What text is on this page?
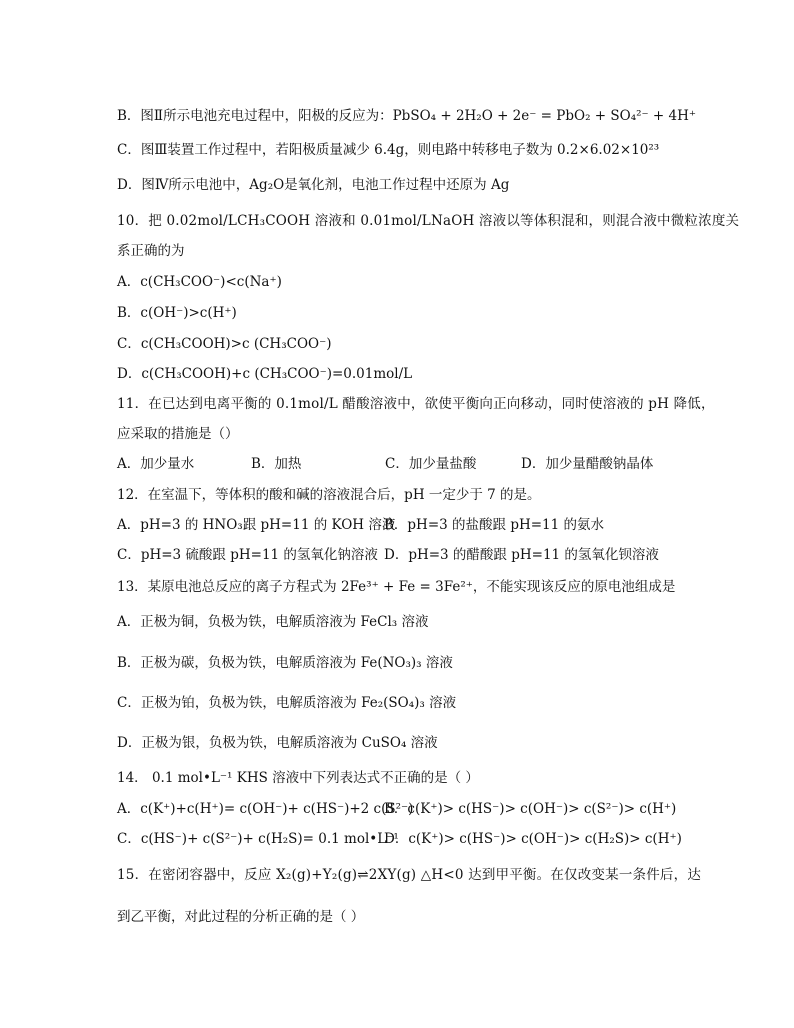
B．图Ⅱ所示电池充电过程中，阳极的反应为：PbSO₄ + 2H₂O + 2e⁻ = PbO₂ + SO₄²⁻ + 4H⁺
C．图Ⅲ装置工作过程中，若阳极质量减少 6.4g，则电路中转移电子数为 0.2×6.02×10²³
D．图Ⅳ所示电池中，Ag₂O是氧化剂，电池工作过程中还原为 Ag
10．把 0.02mol/LCH₃COOH 溶液和 0.01mol/LNaOH 溶液以等体积混和，则混合液中微粒浓度关
系正确的为
A．c(CH₃COO⁻)<c(Na⁺)
B．c(OH⁻)>c(H⁺)
C．c(CH₃COOH)>c (CH₃COO⁻)
D．c(CH₃COOH)+c (CH₃COO⁻)=0.01mol/L
11．在已达到电离平衡的 0.1mol/L 醋酸溶液中，欲使平衡向正向移动，同时使溶液的 pH 降低，
应采取的措施是（）
A．加少量水	B．加热	C．加少量盐酸	D．加少量醋酸钠晶体
12．在室温下，等体积的酸和碱的溶液混合后，pH 一定少于 7 的是。
A．pH=3 的 HNO₃跟 pH=11 的 KOH 溶液
B．pH=3 的盐酸跟 pH=11 的氨水
C．pH=3 硫酸跟 pH=11 的氢氧化钠溶液 D．pH=3 的醋酸跟 pH=11 的氢氧化钡溶液
13．某原电池总反应的离子方程式为 2Fe³⁺ + Fe = 3Fe²⁺，不能实现该反应的原电池组成是
A．正极为铜，负极为铁，电解质溶液为 FeCl₃ 溶液
B．正极为碳，负极为铁，电解质溶液为 Fe(NO₃)₃ 溶液
C．正极为铂，负极为铁，电解质溶液为 Fe₂(SO₄)₃ 溶液
D．正极为银，负极为铁，电解质溶液为 CuSO₄ 溶液
14． 0.1 mol•L⁻¹ KHS 溶液中下列表达式不正确的是（ ）
A．c(K⁺)+c(H⁺)= c(OH⁻)+ c(HS⁻)+2 c(S²⁻)
B．c(K⁺)> c(HS⁻)> c(OH⁻)> c(S²⁻)> c(H⁺)
C．c(HS⁻)+ c(S²⁻)+ c(H₂S)= 0.1 mol•L⁻¹
D．c(K⁺)> c(HS⁻)> c(OH⁻)> c(H₂S)> c(H⁺)
15．在密闭容器中，反应 X₂(g)+Y₂(g)⇌2XY(g) △H<0 达到甲平衡。在仅改变某一条件后，达
到乙平衡，对此过程的分析正确的是（ ）
